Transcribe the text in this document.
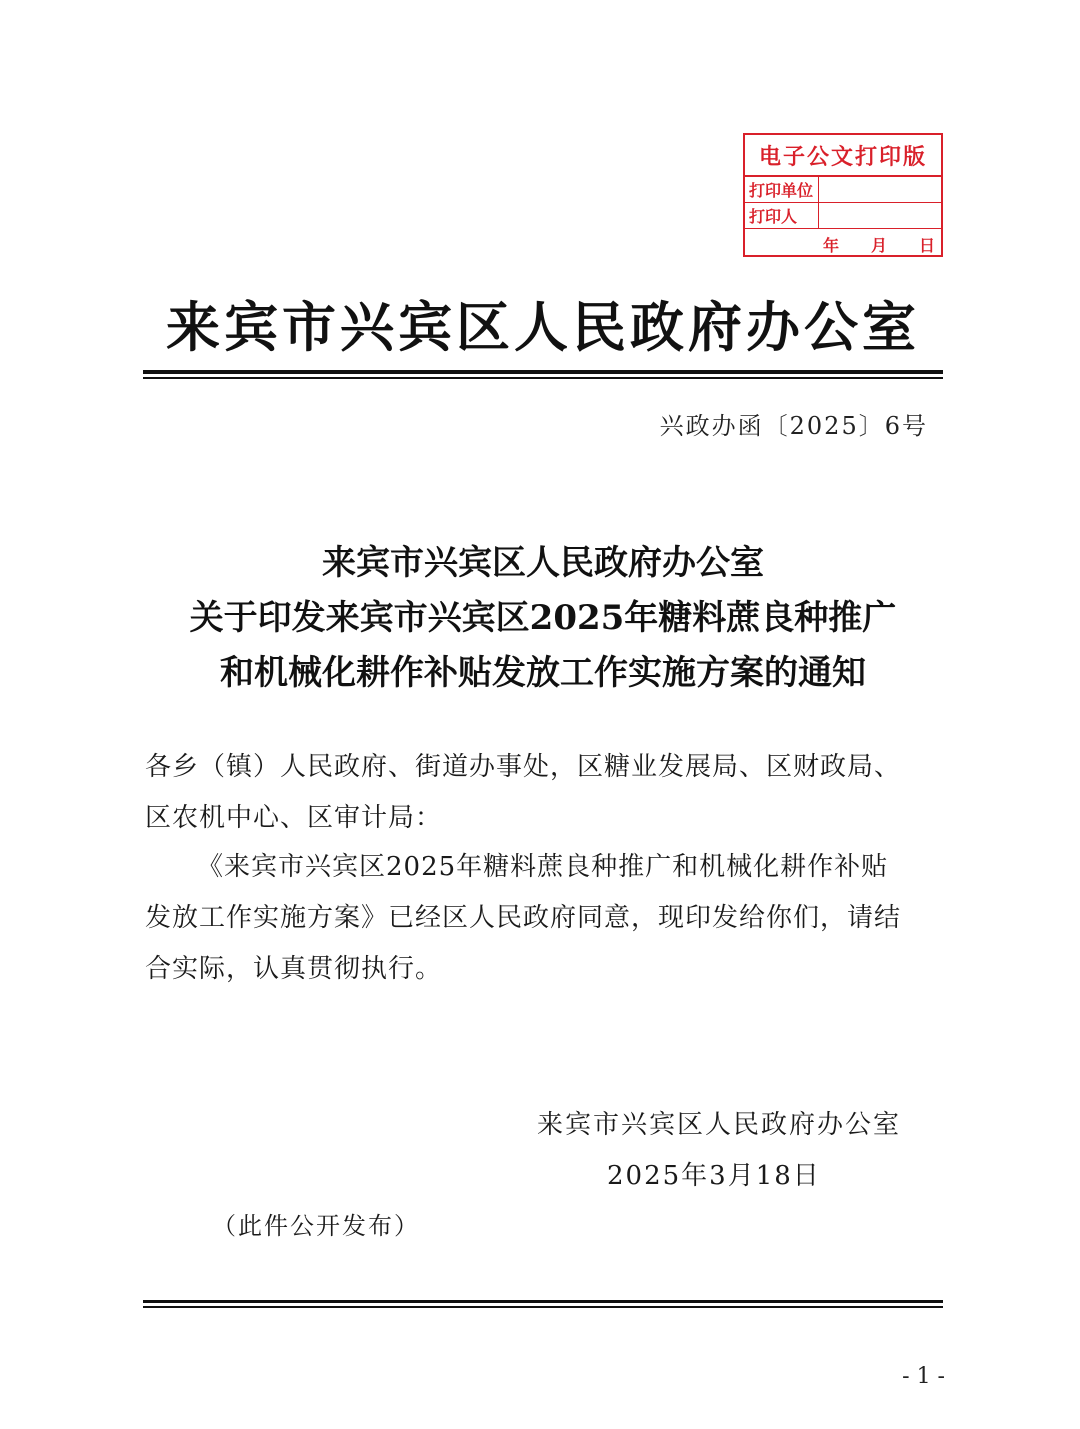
电子公文打印版
打印单位
打印人
年 月 日
来宾市兴宾区人民政府办公室
兴政办函〔2025〕6号
来宾市兴宾区人民政府办公室
关于印发来宾市兴宾区2025年糖料蔗良种推广
和机械化耕作补贴发放工作实施方案的通知
各乡（镇）人民政府、街道办事处，区糖业发展局、区财政局、
区农机中心、区审计局：
《来宾市兴宾区2025年糖料蔗良种推广和机械化耕作补贴
发放工作实施方案》已经区人民政府同意，现印发给你们，请结
合实际，认真贯彻执行。
来宾市兴宾区人民政府办公室
2025年3月18日
（此件公开发布）
- 1 -
